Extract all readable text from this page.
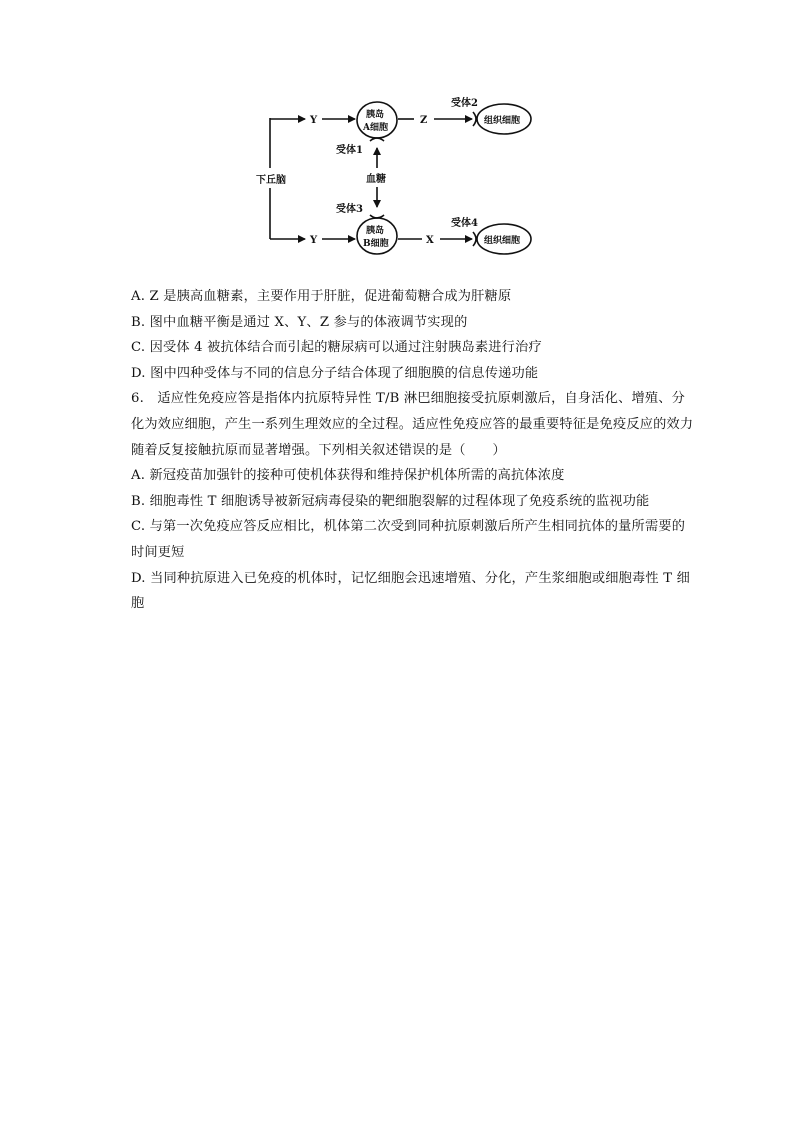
下丘脑
Y	胰岛
A细胞
受体1
Z
受体2
组织细胞
血糖
Y
受体3
胰岛
B细胞	X
受体4
组织细胞
A. Z 是胰高血糖素，主要作用于肝脏，促进葡萄糖合成为肝糖原
B. 图中血糖平衡是通过 X、Y、Z 参与的体液调节实现的
C. 因受体 4 被抗体结合而引起的糖尿病可以通过注射胰岛素进行治疗
D. 图中四种受体与不同的信息分子结合体现了细胞膜的信息传递功能
6.　适应性免疫应答是指体内抗原特异性 T/B 淋巴细胞接受抗原刺激后，自身活化、增殖、分化为效应细胞，产生一系列生理效应的全过程。适应性免疫应答的最重要特征是免疫反应的效力随着反复接触抗原而显著增强。下列相关叙述错误的是（　　）
A. 新冠疫苗加强针的接种可使机体获得和维持保护机体所需的高抗体浓度
B. 细胞毒性 T 细胞诱导被新冠病毒侵染的靶细胞裂解的过程体现了免疫系统的监视功能
C. 与第一次免疫应答反应相比，机体第二次受到同种抗原刺激后所产生相同抗体的量所需要的时间更短
D. 当同种抗原进入已免疫的机体时，记忆细胞会迅速增殖、分化，产生浆细胞或细胞毒性 T 细胞
